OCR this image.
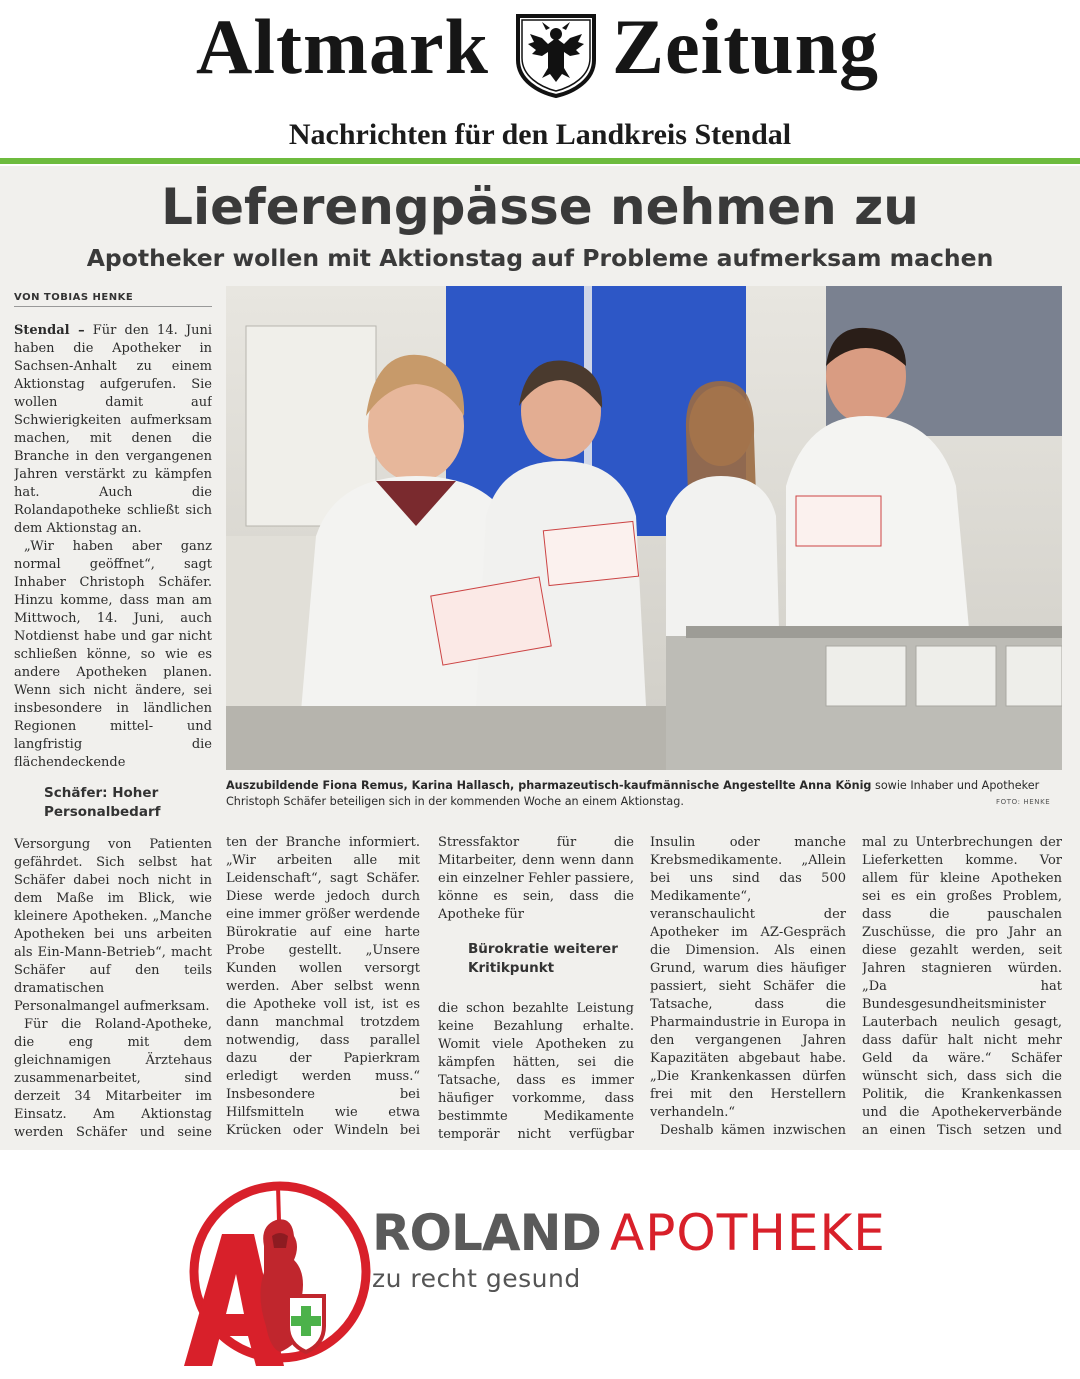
Altmark Zeitung
Nachrichten für den Landkreis Stendal
Lieferengpässe nehmen zu
Apotheker wollen mit Aktionstag auf Probleme aufmerksam machen
VON TOBIAS HENKE

Stendal – Für den 14. Juni haben die Apotheker in Sachsen-Anhalt zu einem Aktionstag aufgerufen. Sie wollen damit auf Schwierigkeiten aufmerksam machen, mit denen die Branche in den vergangenen Jahren verstärkt zu kämpfen hat. Auch die Rolandapotheke schließt sich dem Aktionstag an.

„Wir haben aber ganz normal geöffnet“, sagt Inhaber Christoph Schäfer. Hinzu komme, dass man am Mittwoch, 14. Juni, auch Notdienst habe und gar nicht schließen könne, so wie es andere Apotheken planen. Wenn sich nicht ändere, sei insbesondere in ländlichen Regionen mittel- und langfristig die flächendeckende

Schäfer: Hoher Personalbedarf

Versorgung von Patienten gefährdet. Sich selbst hat Schäfer dabei noch nicht in dem Maße im Blick, wie kleinere Apotheken. „Manche Apotheken bei uns arbeiten als Ein-Mann-Betrieb“, macht Schäfer auf den teils dramatischen Personalmangel aufmerksam.

Für die Roland-Apotheke, die eng mit dem gleichnamigen Ärztehaus zusammenarbeitet, sind derzeit 34 Mitarbeiter im Einsatz. Am Aktionstag werden Schäfer und seine

Auszubildende Fiona Remus, Karina Hallasch, pharmazeutisch-kaufmännische Angestellte Anna König sowie Inhaber und Apotheker Christoph Schäfer beteiligen sich in der kommenden Woche an einem Aktionstag.	FOTO: HENKE

ten der Branche informiert. „Wir arbeiten alle mit Leidenschaft“, sagt Schäfer. Diese werde jedoch durch eine immer größer werdende Bürokratie auf eine harte Probe gestellt. „Unsere Kunden wollen versorgt werden. Aber selbst wenn die Apotheke voll ist, ist es dann manchmal trotzdem notwendig, dass parallel dazu der Papierkram erledigt werden muss.“ Insbesondere bei Hilfsmitteln wie etwa Krücken oder Windeln bei

Stressfaktor für die Mitarbeiter, denn wenn dann ein einzelner Fehler passiere, könne es sein, dass die Apotheke für

Bürokratie weiterer Kritikpunkt

die schon bezahlte Leistung keine Bezahlung erhalte. Womit viele Apotheken zu kämpfen hätten, sei die Tatsache, dass es immer häufiger vorkomme, dass bestimmte Medikamente temporär nicht verfügbar

Insulin oder manche Krebsmedikamente. „Allein bei uns sind das 500 Medikamente“, veranschaulicht der Apotheker im AZ-Gespräch die Dimension. Als einen Grund, warum dies häufiger passiert, sieht Schäfer die Tatsache, dass die Pharmaindustrie in Europa in den vergangenen Jahren Kapazitäten abgebaut habe. „Die Krankenkassen dürfen frei mit den Herstellern verhandeln.“

Deshalb kämen inzwischen

mal zu Unterbrechungen der Lieferketten komme. Vor allem für kleine Apotheken sei es ein großes Problem, dass die pauschalen Zuschüsse, die pro Jahr an diese gezahlt werden, seit Jahren stagnieren würden. „Da hat Bundesgesundheitsminister Lauterbach neulich gesagt, dass dafür halt nicht mehr Geld da wäre.“ Schäfer wünscht sich, dass sich die Politik, die Krankenkassen und die Apothekerverbände an einen Tisch setzen und

ROLAND APOTHEKE
zu recht gesund
